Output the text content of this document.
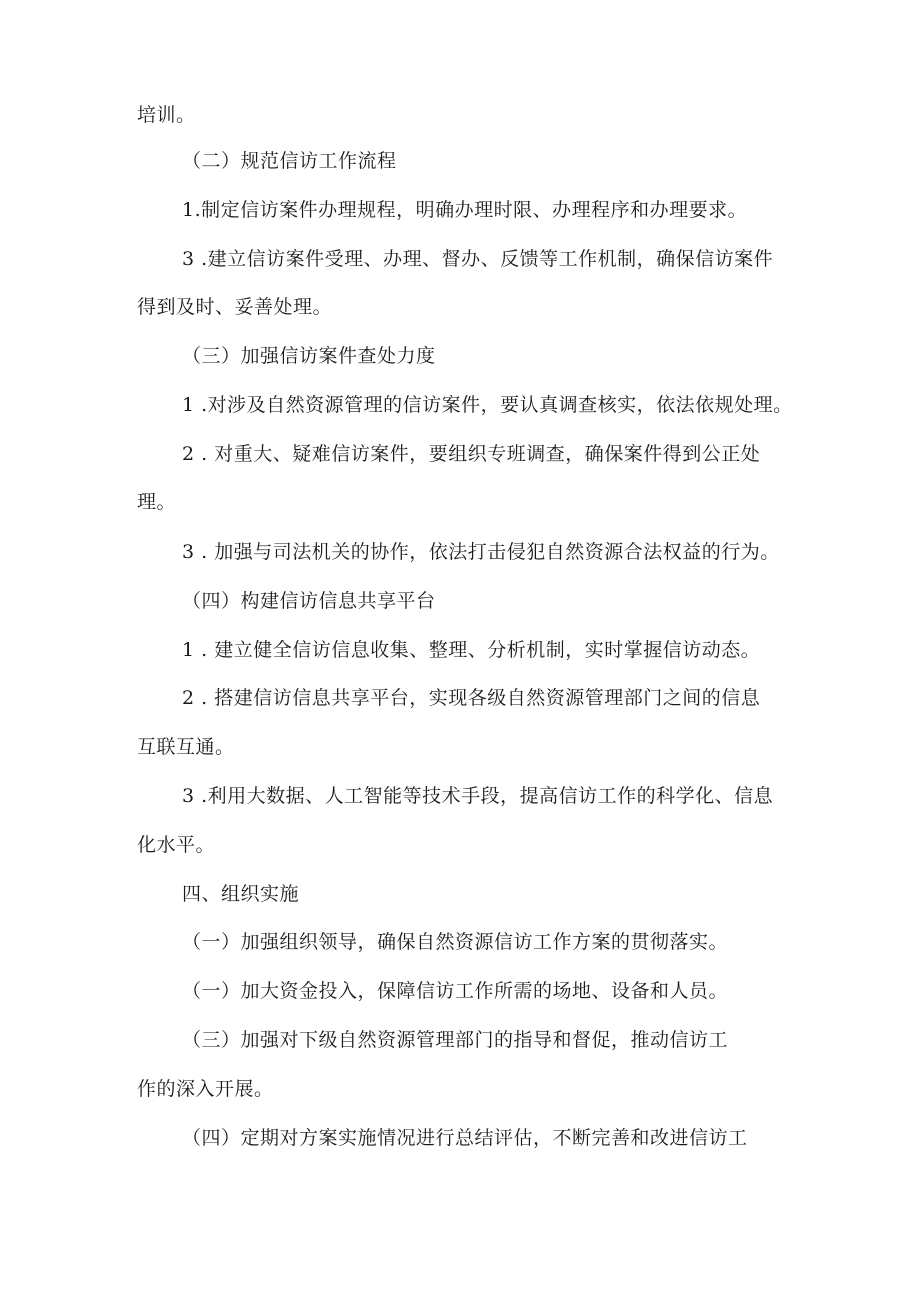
培训。

（二）规范信访工作流程

1.制定信访案件办理规程，明确办理时限、办理程序和办理要求。

3 .建立信访案件受理、办理、督办、反馈等工作机制，确保信访案件

得到及时、妥善处理。

（三）加强信访案件查处力度

1 .对涉及自然资源管理的信访案件，要认真调查核实，依法依规处理。

2 . 对重大、疑难信访案件，要组织专班调查，确保案件得到公正处

理。

3 . 加强与司法机关的协作，依法打击侵犯自然资源合法权益的行为。

（四）构建信访信息共享平台

1 . 建立健全信访信息收集、整理、分析机制，实时掌握信访动态。

2 . 搭建信访信息共享平台，实现各级自然资源管理部门之间的信息

互联互通。

3 .利用大数据、人工智能等技术手段，提高信访工作的科学化、信息

化水平。

四、组织实施

（一）加强组织领导，确保自然资源信访工作方案的贯彻落实。

（一）加大资金投入，保障信访工作所需的场地、设备和人员。

（三）加强对下级自然资源管理部门的指导和督促，推动信访工

作的深入开展。

（四）定期对方案实施情况进行总结评估，不断完善和改进信访工
